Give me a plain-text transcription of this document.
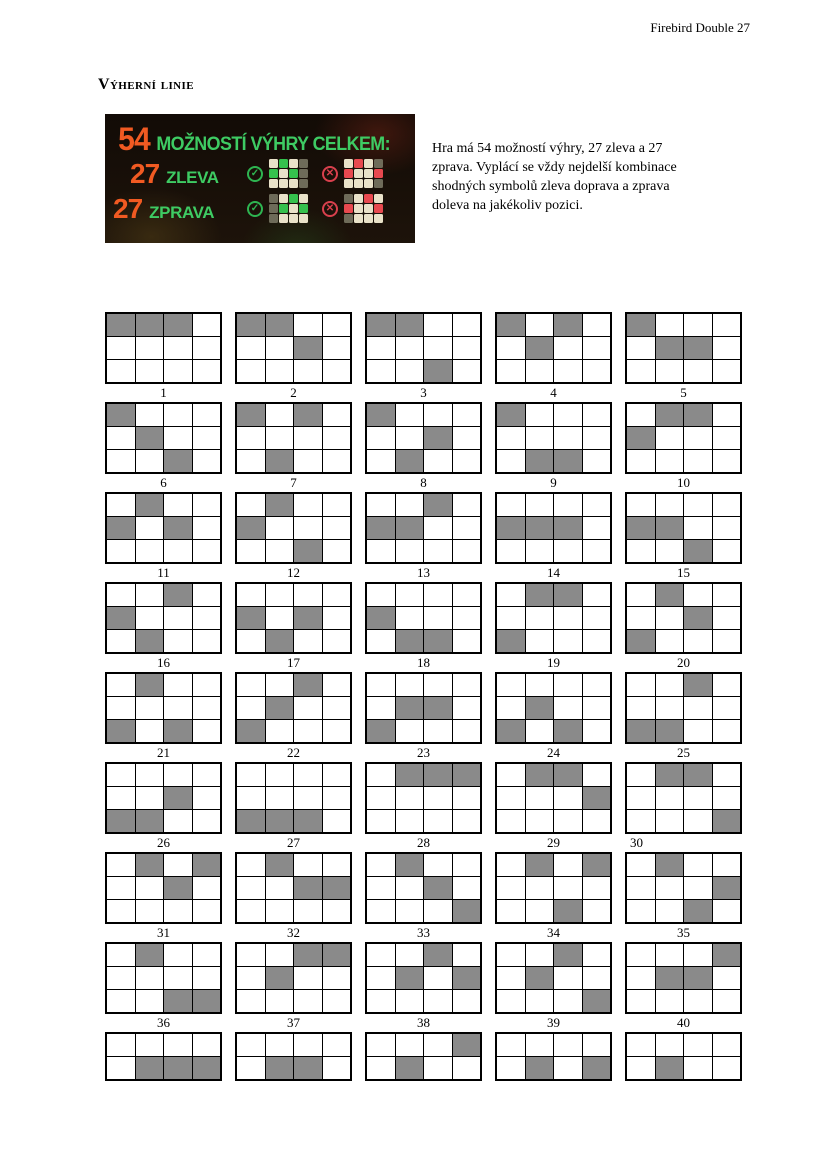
Firebird Double 27
Výherní linie
54 MOŽNOSTÍ VÝHRY CELKEM:
27 ZLEVA	✓	✕
27 ZPRAVA	✓	✕
Hra má 54 možností výhry, 27 zleva a 27
zprava. Vyplácí se vždy nejdelší kombinace
shodných symbolů zleva doprava a zprava
doleva na jakékoliv pozici.
1	2	3	4	5
6	7	8	9	10
11	12	13	14	15
16	17	18	19	20
21	22	23	24	25
26	27	28	29	30
31	32	33	34	35
36	37	38	39	40
